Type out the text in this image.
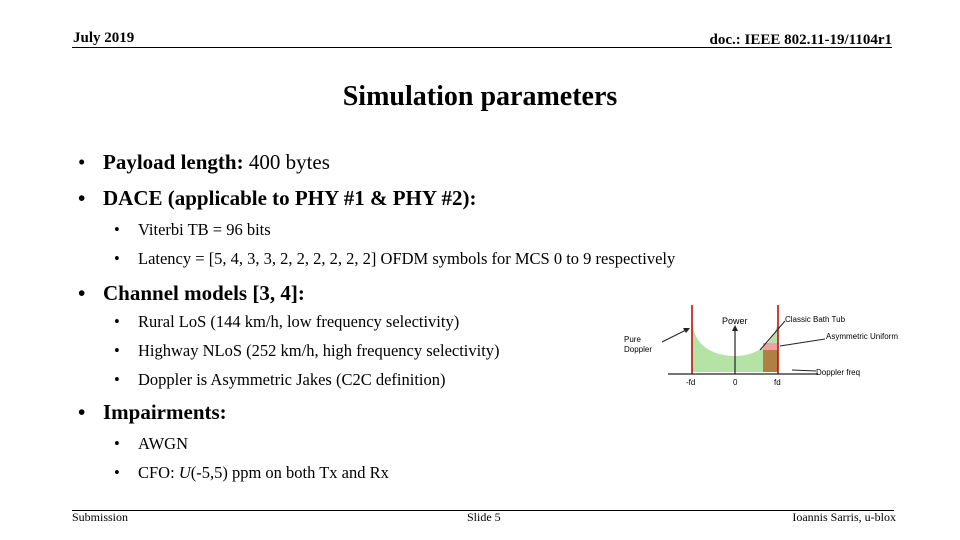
July 2019	doc.: IEEE 802.11-19/1104r1
Simulation parameters
• Payload length: 400 bytes
• DACE (applicable to PHY #1 & PHY #2):
• Viterbi TB = 96 bits
• Latency = [5, 4, 3, 3, 2, 2, 2, 2, 2, 2] OFDM symbols for MCS 0 to 9 respectively
• Channel models [3, 4]:
• Rural LoS (144 km/h, low frequency selectivity)
• Highway NLoS (252 km/h, high frequency selectivity)
• Doppler is Asymmetric Jakes (C2C definition)
• Impairments:
• AWGN
• CFO: U(-5,5) ppm on both Tx and Rx
Power	Classic Bath Tub
Asymmetric Uniform
Pure
Doppler
Doppler freq
-fd	0	fd
Submission	Slide 5	Ioannis Sarris, u-blox
